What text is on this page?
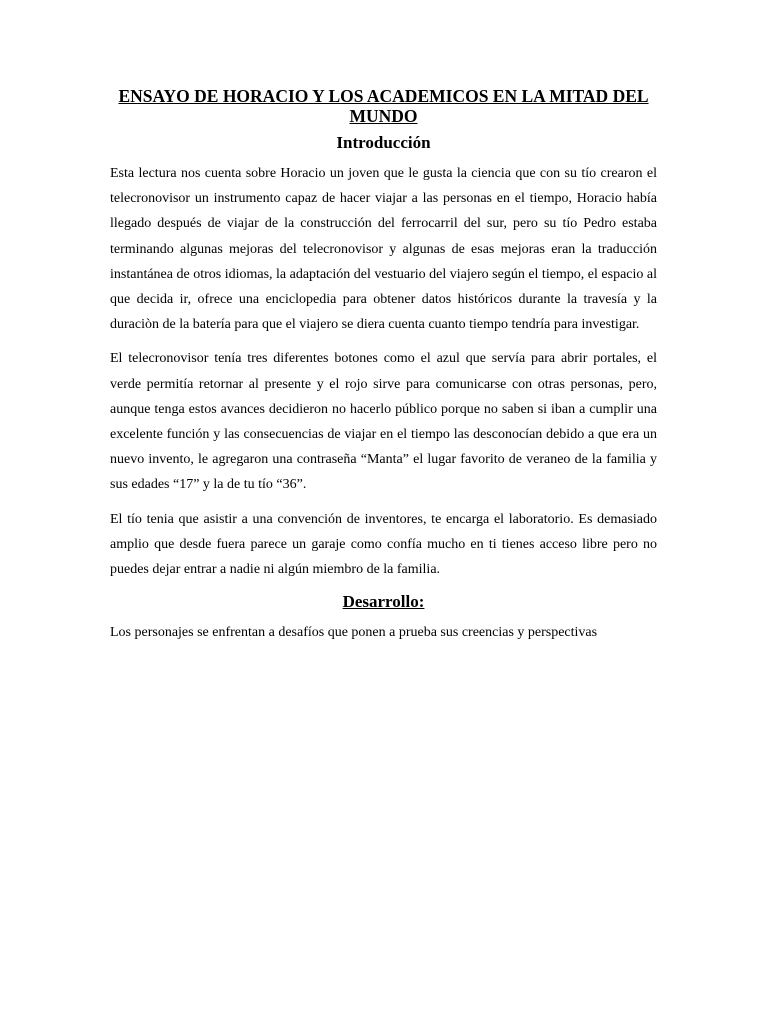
ENSAYO DE HORACIO Y LOS ACADEMICOS EN LA MITAD DEL MUNDO
Introducción

Esta lectura nos cuenta sobre Horacio un joven que le gusta la ciencia que con su tío crearon el telecronovisor un instrumento capaz de hacer viajar a las personas en el tiempo, Horacio había llegado después de viajar de la construcción del ferrocarril del sur, pero su tío Pedro estaba terminando algunas mejoras del telecronovisor y algunas de esas mejoras eran la traducción instantánea de otros idiomas, la adaptación del vestuario del viajero según el tiempo, el espacio al que decida ir, ofrece una enciclopedia para obtener datos históricos durante la travesía y la duraciòn de la batería para que el viajero se diera cuenta cuanto tiempo tendría para investigar.

El telecronovisor tenía tres diferentes botones como el azul que servía para abrir portales, el verde permitía retornar al presente y el rojo sirve para comunicarse con otras personas, pero, aunque tenga estos avances decidieron no hacerlo público porque no saben si iban a cumplir una excelente función y las consecuencias de viajar en el tiempo las desconocían debido a que era un nuevo invento, le agregaron una contraseña “Manta” el lugar favorito de veraneo de la familia y sus edades “17” y la de tu tío “36”.

El tío tenia que asistir a una convención de inventores, te encarga el laboratorio. Es demasiado amplio que desde fuera parece un garaje como confía mucho en ti tienes acceso libre pero no puedes dejar entrar a nadie ni algún miembro de la familia.

Desarrollo:

Los personajes se enfrentan a desafíos que ponen a prueba sus creencias y perspectivas
